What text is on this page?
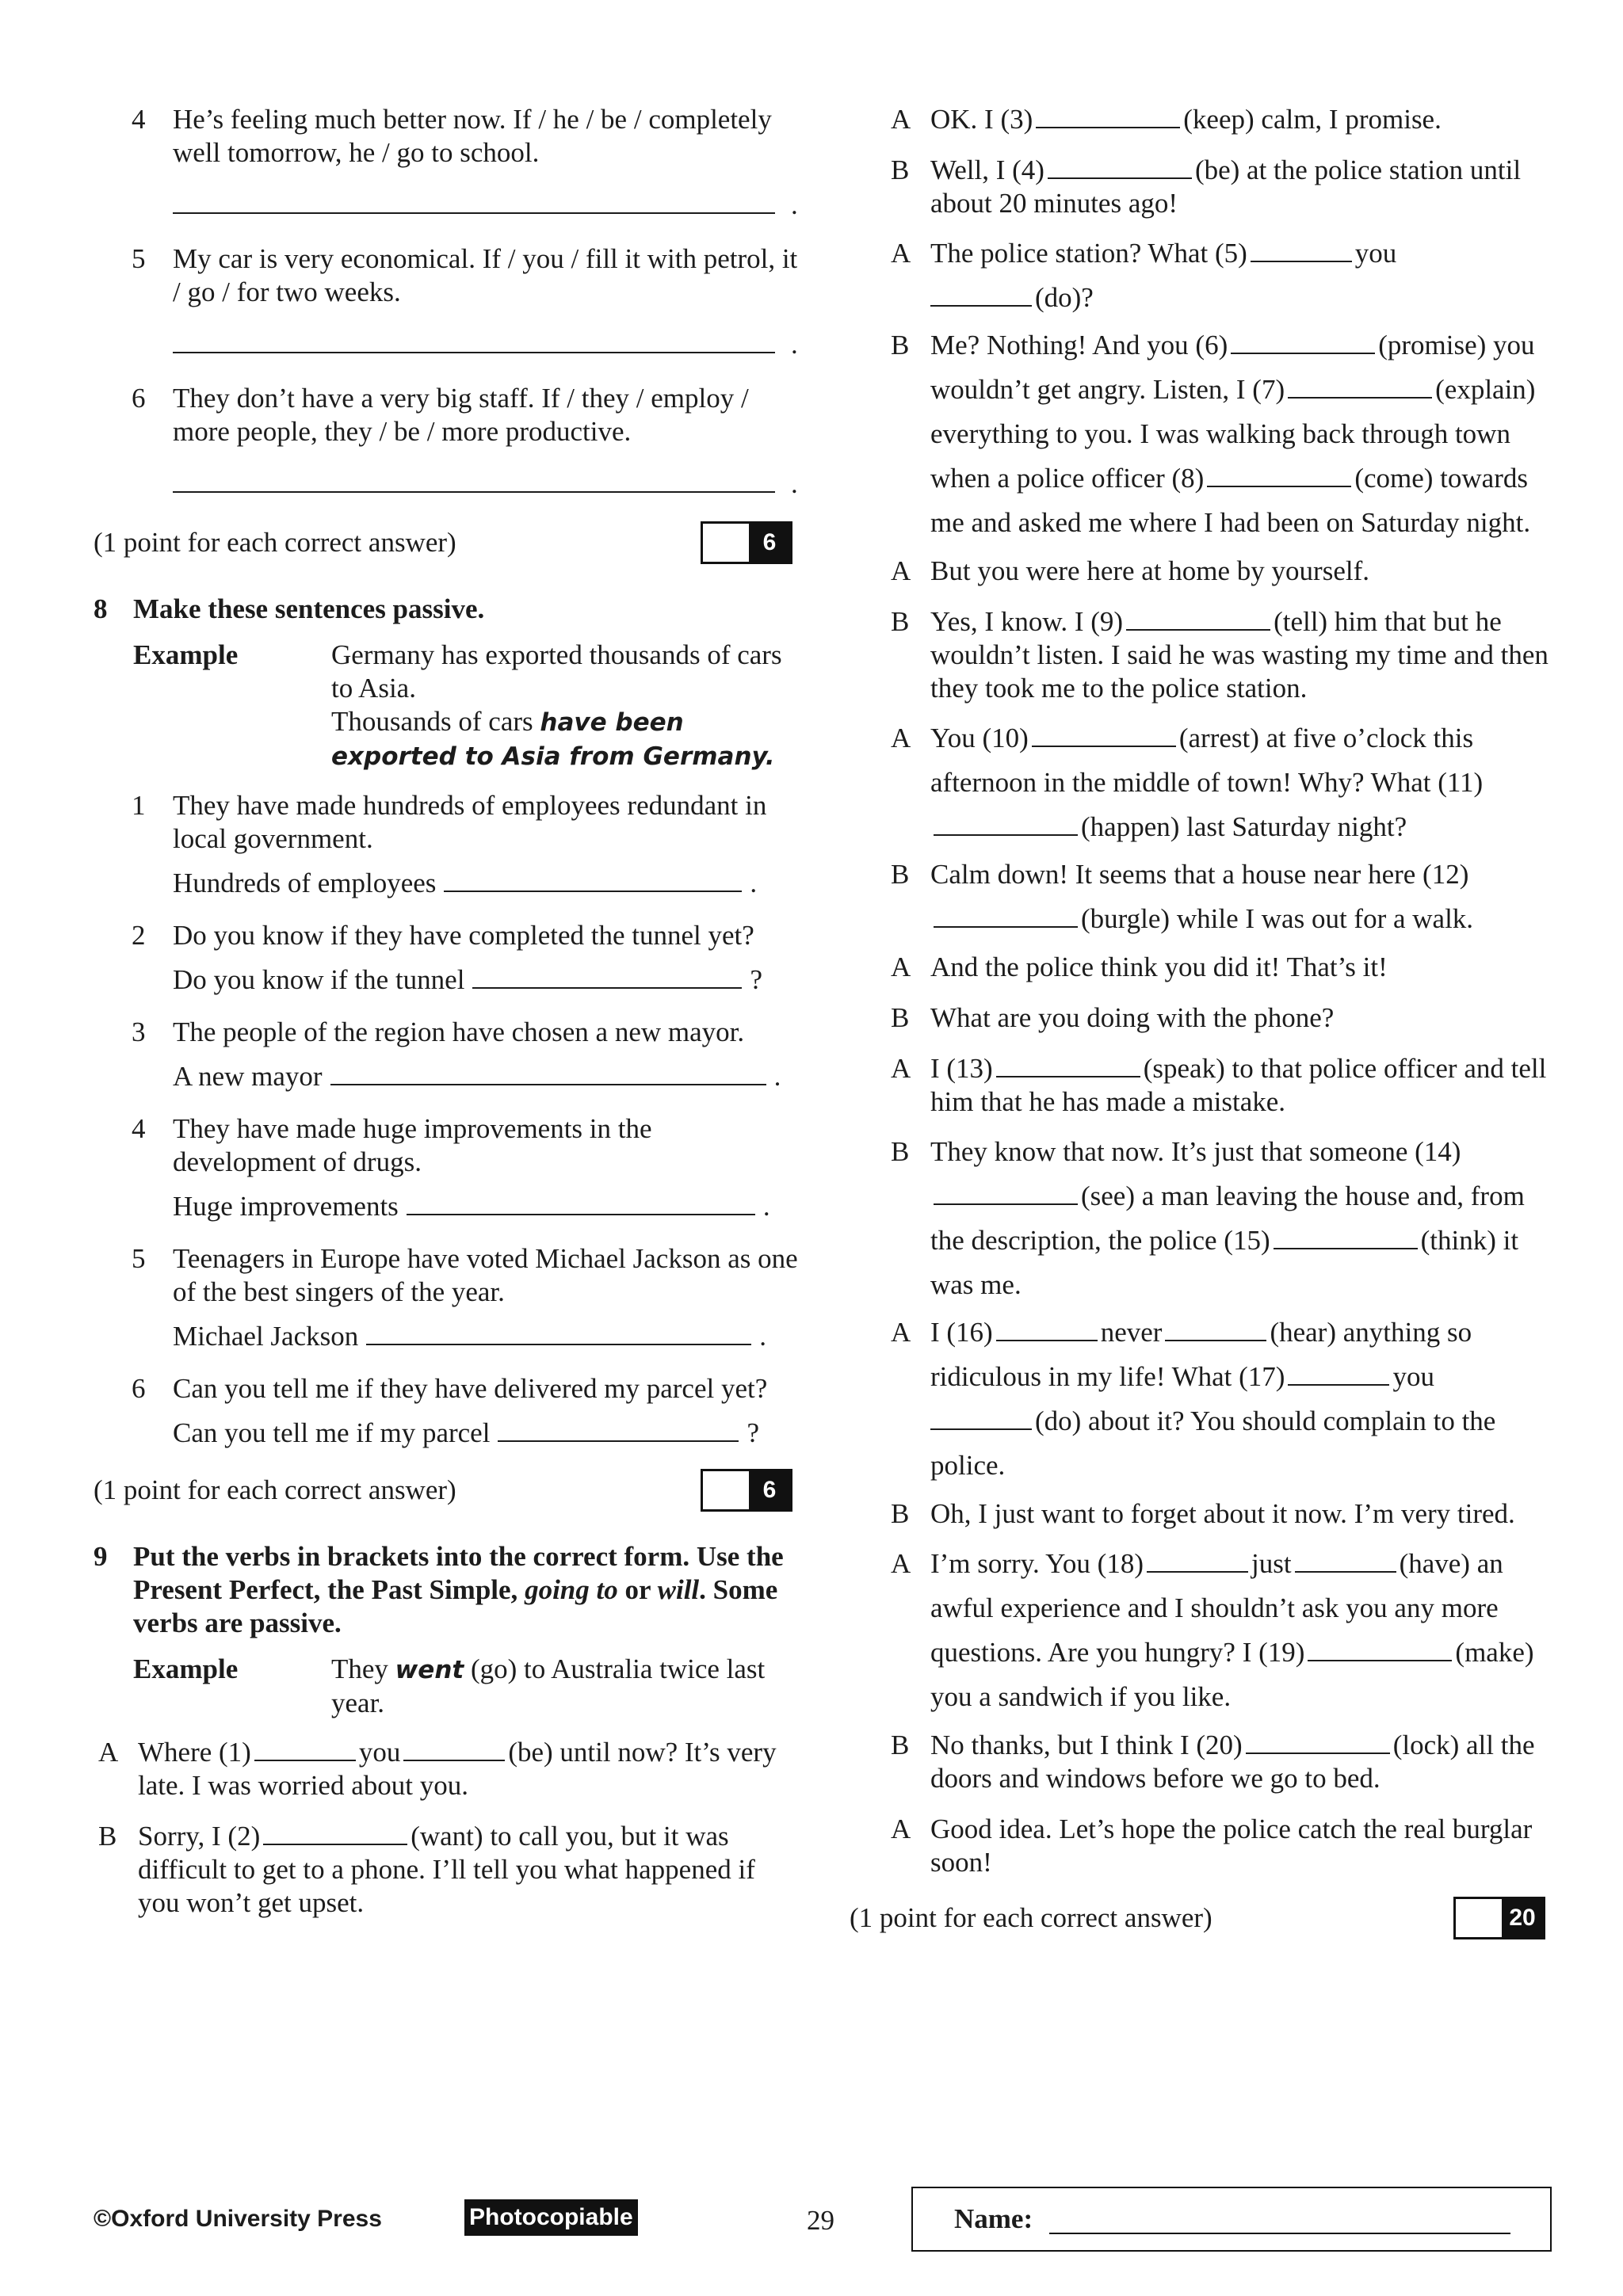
4 He’s feeling much better now. If / he / be / completely well tomorrow, he / go to school.
.
5 My car is very economical. If / you / fill it with petrol, it / go / for two weeks.
.
6 They don’t have a very big staff. If / they / employ / more people, they / be / more productive.
.
(1 point for each correct answer)	6
8 Make these sentences passive.
Example	Germany has exported thousands of cars to Asia.
Thousands of cars have been exported to Asia from Germany.
1 They have made hundreds of employees redundant in local government.
Hundreds of employees	.
2 Do you know if they have completed the tunnel yet?
Do you know if the tunnel	?
3 The people of the region have chosen a new mayor.
A new mayor	.
4 They have made huge improvements in the development of drugs.
Huge improvements	.
5 Teenagers in Europe have voted Michael Jackson as one of the best singers of the year.
Michael Jackson	.
6 Can you tell me if they have delivered my parcel yet?
Can you tell me if my parcel	?
(1 point for each correct answer)	6
9 Put the verbs in brackets into the correct form. Use the Present Perfect, the Past Simple, going to or will. Some verbs are passive.
Example	They went (go) to Australia twice last year.
A Where (1)	you	(be) until now? It’s very late. I was worried about you.
B Sorry, I (2)	(want) to call you, but it was difficult to get to a phone. I’ll tell you what happened if you won’t get upset.
A OK. I (3)	(keep) calm, I promise.
B Well, I (4)	(be) at the police station until about 20 minutes ago!
A The police station? What (5)	you
(do)?
B Me? Nothing! And you (6)	(promise) you wouldn’t get angry. Listen, I (7)	(explain) everything to you. I was walking back through town when a police officer (8)	(come) towards me and asked me where I had been on Saturday night.
A But you were here at home by yourself.
B Yes, I know. I (9)	(tell) him that but he wouldn’t listen. I said he was wasting my time and then they took me to the police station.
A You (10)	(arrest) at five o’clock this afternoon in the middle of town! Why? What (11)(happen) last Saturday night?
B Calm down! It seems that a house near here (12)(burgle) while I was out for a walk.
A And the police think you did it! That’s it!
B What are you doing with the phone?
A I (13)	(speak) to that police officer and tell him that he has made a mistake.
B They know that now. It’s just that someone (14)(see) a man leaving the house and, from the description, the police (15)	(think) it was me.
A I (16)	never	(hear) anything so ridiculous in my life! What (17)	you
(do) about it? You should complain to the police.
B Oh, I just want to forget about it now. I’m very tired.
A I’m sorry. You (18)	just	(have) an awful experience and I shouldn’t ask you any more questions. Are you hungry? I (19)	(make) you a sandwich if you like.
B No thanks, but I think I (20)	(lock) all the doors and windows before we go to bed.
A Good idea. Let’s hope the police catch the real burglar soon!
(1 point for each correct answer)	20
©Oxford University Press	Photocopiable	29	Name:
